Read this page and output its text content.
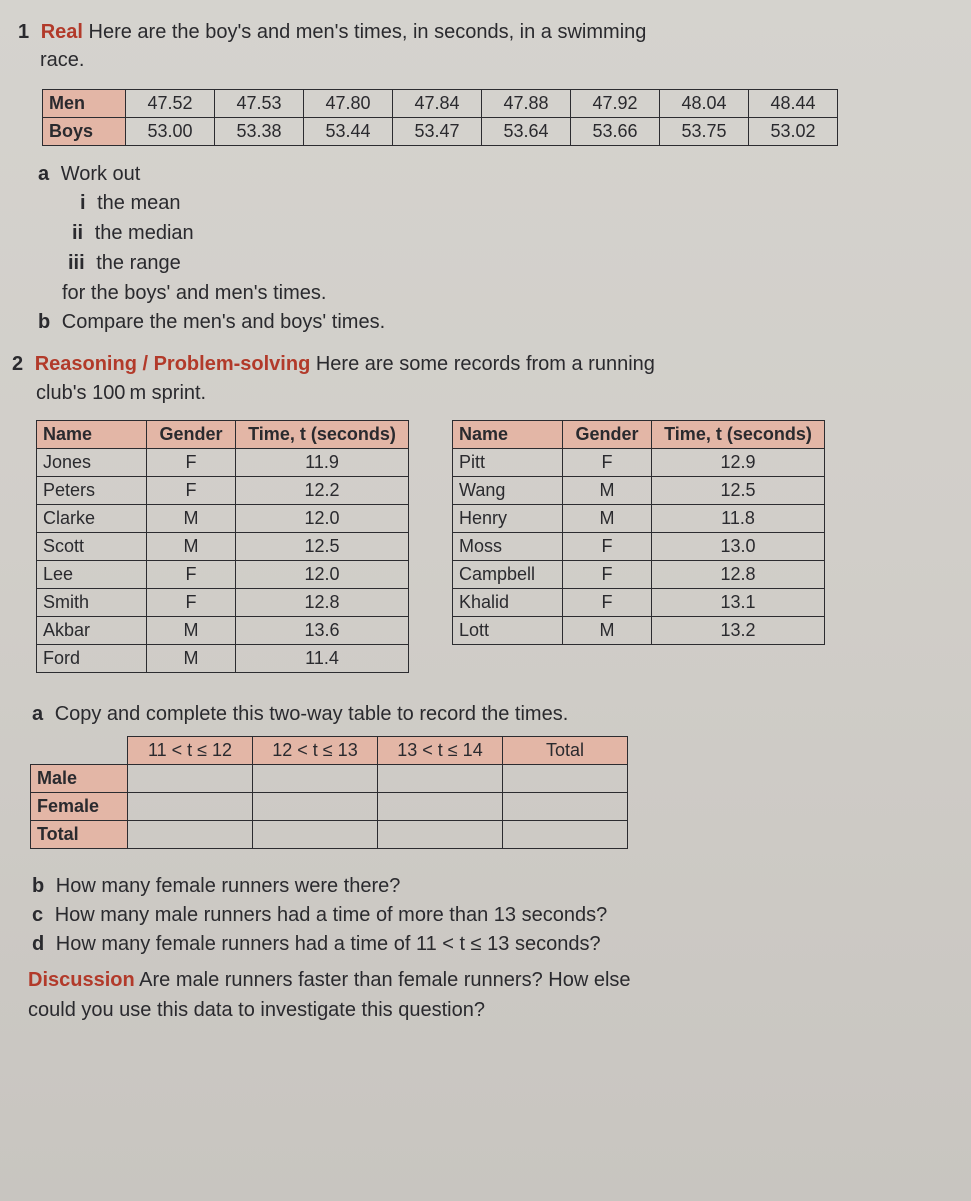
1 Real Here are the boy's and men's times, in seconds, in a swimming
race.
Men	47.52	47.53	47.80	47.84	47.88	47.92	48.04	48.44
Boys	53.00	53.38	53.44	53.47	53.64	53.66	53.75	53.02
a Work out
i the mean
ii the median
iii the range
for the boys' and men's times.
b Compare the men's and boys' times.
2 Reasoning / Problem-solving Here are some records from a running
club's 100 m sprint.
Name	Gender	Time, t (seconds)
Jones	F	11.9
Peters	F	12.2
Clarke	M	12.0
Scott	M	12.5
Lee	F	12.0
Smith	F	12.8
Akbar	M	13.6
Ford	M	11.4
Name	Gender	Time, t (seconds)
Pitt	F	12.9
Wang	M	12.5
Henry	M	11.8
Moss	F	13.0
Campbell	F	12.8
Khalid	F	13.1
Lott	M	13.2
a Copy and complete this two-way table to record the times.
	11 < t ≤ 12	12 < t ≤ 13	13 < t ≤ 14	Total
Male				
Female				
Total				
b How many female runners were there?
c How many male runners had a time of more than 13 seconds?
d How many female runners had a time of 11 < t ≤ 13 seconds?
Discussion Are male runners faster than female runners? How else
could you use this data to investigate this question?
